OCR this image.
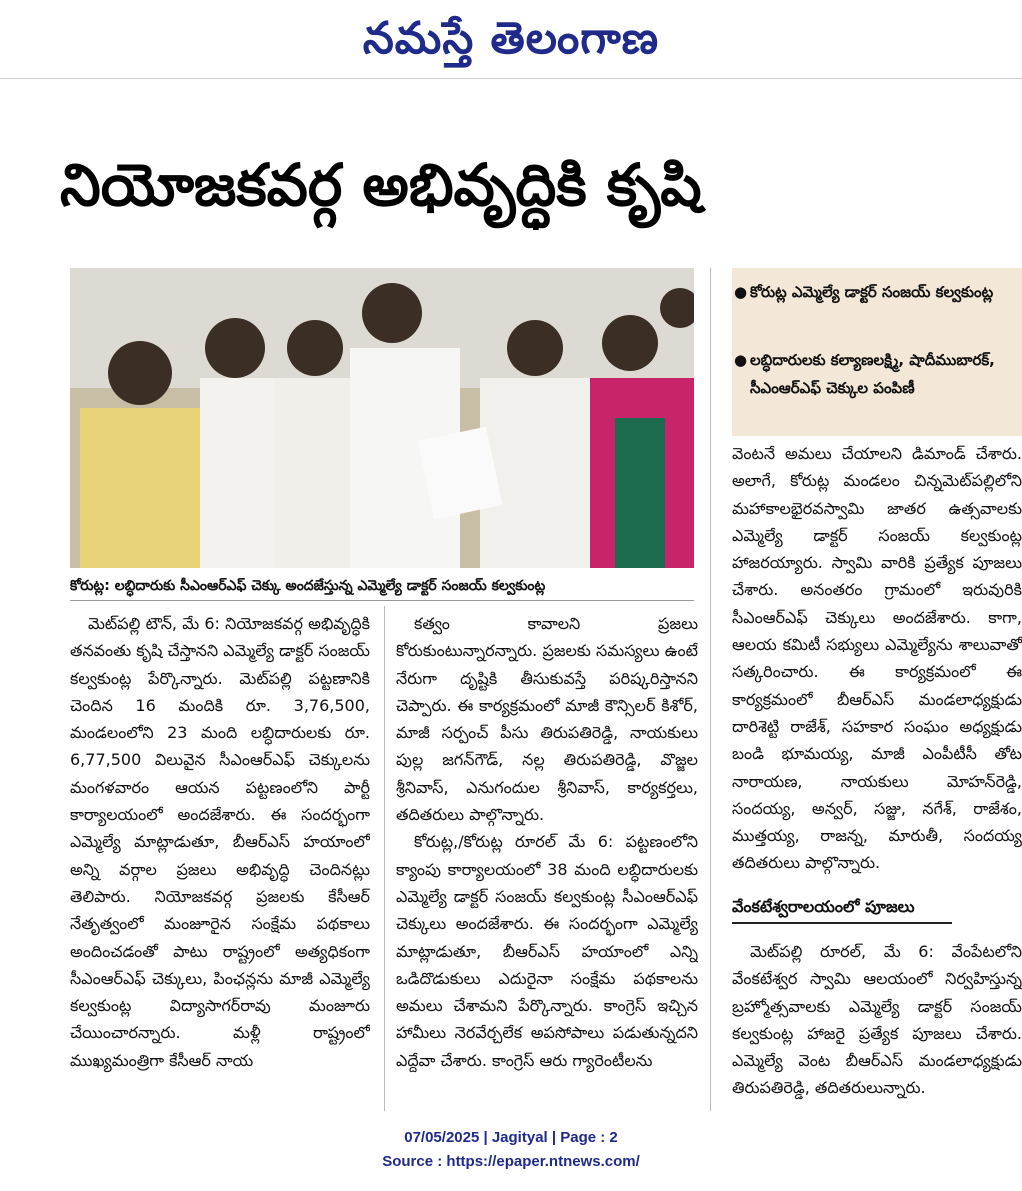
నమస్తే తెలంగాణ
నియోజకవర్గ అభివృద్ధికి కృషి
కోరుట్ల: లబ్ధిదారుకు సీఎంఆర్‌ఎఫ్ చెక్కు అందజేస్తున్న ఎమ్మెల్యే డాక్టర్ సంజయ్ కల్వకుంట్ల
● కోరుట్ల ఎమ్మెల్యే డాక్టర్ సంజయ్ కల్వకుంట్ల
● లబ్ధిదారులకు కల్యాణలక్ష్మి, షాదీముబారక్, సీఎంఆర్‌ఎఫ్ చెక్కుల పంపిణీ

మెట్‌పల్లి టౌన్, మే 6: నియోజకవర్గ అభివృద్ధికి తనవంతు కృషి చేస్తానని ఎమ్మెల్యే డాక్టర్ సంజయ్ కల్వకుంట్ల పేర్కొన్నారు. మెట్‌పల్లి పట్టణానికి చెందిన 16 మందికి రూ. 3,76,500, మండలంలోని 23 మంది లబ్ధిదారులకు రూ. 6,77,500 విలువైన సీఎంఆర్‌ఎఫ్ చెక్కులను మంగళవారం ఆయన పట్టణంలోని పార్టీ కార్యాలయంలో అందజేశారు. ఈ సందర్భంగా ఎమ్మెల్యే మాట్లాడుతూ, బీఆర్‌ఎస్ హయాంలో అన్ని వర్గాల ప్రజలు అభివృద్ధి చెందినట్లు తెలిపారు. నియోజకవర్గ ప్రజలకు కేసీఆర్ నేతృత్వంలో మంజూరైన సంక్షేమ పథకాలు అందించడంతో పాటు రాష్ట్రంలో అత్యధికంగా సీఎంఆర్‌ఎఫ్ చెక్కులు, పింఛన్లను మాజీ ఎమ్మెల్యే కల్వకుంట్ల విద్యాసాగర్‌రావు మంజూరు చేయించారన్నారు. మళ్లీ రాష్ట్రంలో ముఖ్యమంత్రిగా కేసీఆర్ నాయ

కత్వం కావాలని ప్రజలు కోరుకుంటున్నారన్నారు. ప్రజలకు సమస్యలు ఉంటే నేరుగా దృష్టికి తీసుకువస్తే పరిష్కరిస్తానని చెప్పారు. ఈ కార్యక్రమంలో మాజీ కౌన్సిలర్ కిశోర్, మాజీ సర్పంచ్ పీసు తిరుపతిరెడ్డి, నాయకులు పుల్ల జగన్‌గౌడ్, నల్ల తిరుపతిరెడ్డి, వొజ్జల శ్రీనివాస్, ఎనుగందుల శ్రీనివాస్, కార్యకర్తలు, తదితరులు పాల్గొన్నారు.

కోరుట్ల,/కోరుట్ల రూరల్ మే 6: పట్టణంలోని క్యాంపు కార్యాలయంలో 38 మంది లబ్ధిదారులకు ఎమ్మెల్యే డాక్టర్ సంజయ్ కల్వకుంట్ల సీఎంఆర్‌ఎఫ్ చెక్కులు అందజేశారు. ఈ సందర్భంగా ఎమ్మెల్యే మాట్లాడుతూ, బీఆర్‌ఎస్ హయాంలో ఎన్ని ఒడిదొడుకులు ఎదురైనా సంక్షేమ పథకాలను అమలు చేశామని పేర్కొన్నారు. కాంగ్రెస్ ఇచ్చిన హామీలు నెరవేర్చలేక అపసోపాలు పడుతున్నదని ఎద్దేవా చేశారు. కాంగ్రెస్ ఆరు గ్యారెంటీలను

వెంటనే అమలు చేయాలని డిమాండ్ చేశారు. అలాగే, కోరుట్ల మండలం చిన్నమెట్‌పల్లిలోని మహాకాలభైరవస్వామి జాతర ఉత్సవాలకు ఎమ్మెల్యే డాక్టర్ సంజయ్ కల్వకుంట్ల హాజరయ్యారు. స్వామి వారికి ప్రత్యేక పూజలు చేశారు. అనంతరం గ్రామంలో ఇరువురికి సీఎంఆర్‌ఎఫ్ చెక్కులు అందజేశారు. కాగా, ఆలయ కమిటీ సభ్యులు ఎమ్మెల్యేను శాలువాతో సత్కరించారు. ఈ కార్యక్రమంలో ఈ కార్యక్రమంలో బీఆర్‌ఎస్ మండలాధ్యక్షుడు దారిశెట్టి రాజేశ్, సహకార సంఘం అధ్యక్షుడు బండి భూమయ్య, మాజీ ఎంపీటీసీ తోట నారాయణ, నాయకులు మోహన్‌రెడ్డి, సందయ్య, అన్వర్, సజ్జు, నగేశ్, రాజేశం, ముత్తయ్య, రాజన్న, మారుతీ, సందయ్య తదితరులు పాల్గొన్నారు.

వేంకటేశ్వరాలయంలో పూజలు

మెట్‌పల్లి రూరల్, మే 6: వేంపేటలోని వేంకటేశ్వర స్వామి ఆలయంలో నిర్వహిస్తున్న బ్రహ్మోత్సవాలకు ఎమ్మెల్యే డాక్టర్ సంజయ్ కల్వకుంట్ల హాజరై ప్రత్యేక పూజలు చేశారు. ఎమ్మెల్యే వెంట బీఆర్‌ఎస్ మండలాధ్యక్షుడు తిరుపతిరెడ్డి, తదితరులున్నారు.

07/05/2025 | Jagityal | Page : 2
Source : https://epaper.ntnews.com/
